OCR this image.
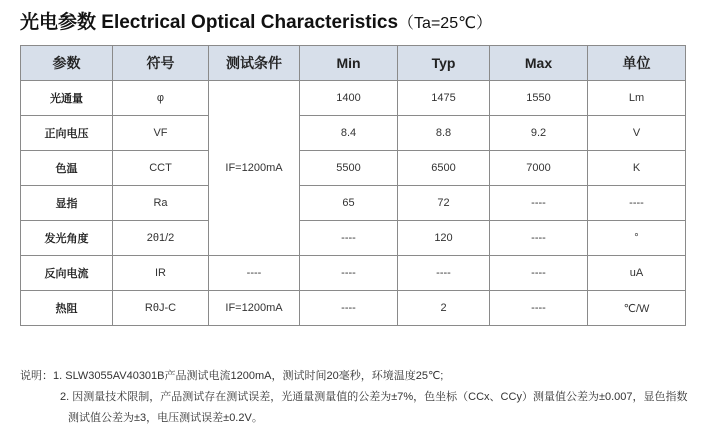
光电参数 Electrical Optical Characteristics（Ta=25℃）
参数	符号	测试条件	Min	Typ	Max	单位
光通量	φ	IF=1200mA	1400	1475	1550	Lm
正向电压	VF		8.4	8.8	9.2	V
色温	CCT		5500	6500	7000	K
显指	Ra		65	72	----	----
发光角度	2θ1/2		----	120	----	°
反向电流	IR	----	----	----	----	uA
热阻	RθJ-C	IF=1200mA	----	2	----	℃/W
说明：1. SLW3055AV40301B产品测试电流1200mA，测试时间20毫秒，环境温度25℃;
2. 因测量技术限制，产品测试存在测试误差，光通量测量值的公差为±7%，色坐标（CCx、CCy）测量值公差为±0.007，显色指数
测试值公差为±3，电压测试误差±0.2V。
